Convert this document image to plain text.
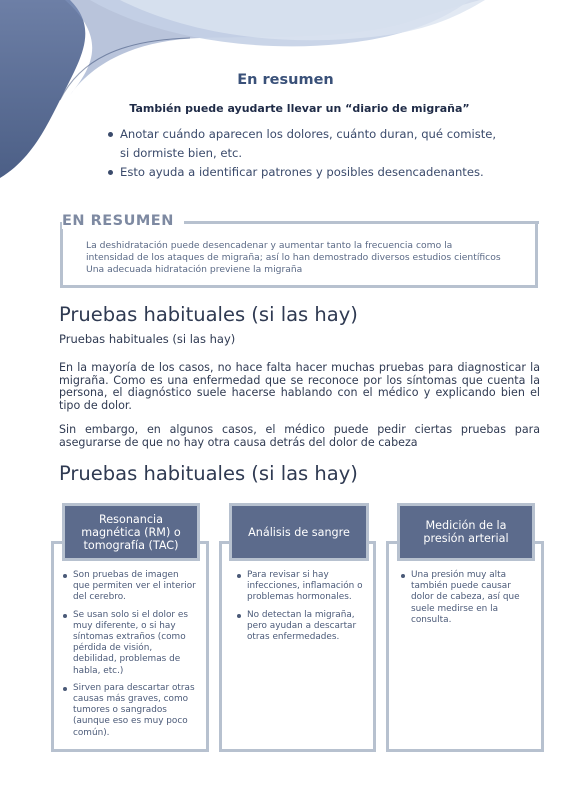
En resumen
También puede ayudarte llevar un “diario de migraña”
Anotar cuándo aparecen los dolores, cuánto duran, qué comiste, si dormiste bien, etc.
Esto ayuda a identificar patrones y posibles desencadenantes.
EN RESUMEN
La deshidratación puede desencadenar y aumentar tanto la frecuencia como la
intensidad de los ataques de migraña; así lo han demostrado diversos estudios científicos
Una adecuada hidratación previene la migraña
Pruebas habituales (si las hay)
Pruebas habituales (si las hay)
En la mayoría de los casos, no hace falta hacer muchas pruebas para diagnosticar la migraña. Como es una enfermedad que se reconoce por los síntomas que cuenta la persona, el diagnóstico suele hacerse hablando con el médico y explicando bien el tipo de dolor.
Sin embargo, en algunos casos, el médico puede pedir ciertas pruebas para asegurarse de que no hay otra causa detrás del dolor de cabeza
Pruebas habituales (si las hay)
Resonancia magnética (RM) o tomografía (TAC)
Son pruebas de imagen que permiten ver el interior del cerebro.
Se usan solo si el dolor es muy diferente, o si hay síntomas extraños (como pérdida de visión, debilidad, problemas de habla, etc.)
Sirven para descartar otras causas más graves, como tumores o sangrados (aunque eso es muy poco común).
Análisis de sangre
Para revisar si hay infecciones, inflamación o problemas hormonales.
No detectan la migraña, pero ayudan a descartar otras enfermedades.
Medición de la presión arterial
Una presión muy alta también puede causar dolor de cabeza, así que suele medirse en la consulta.
